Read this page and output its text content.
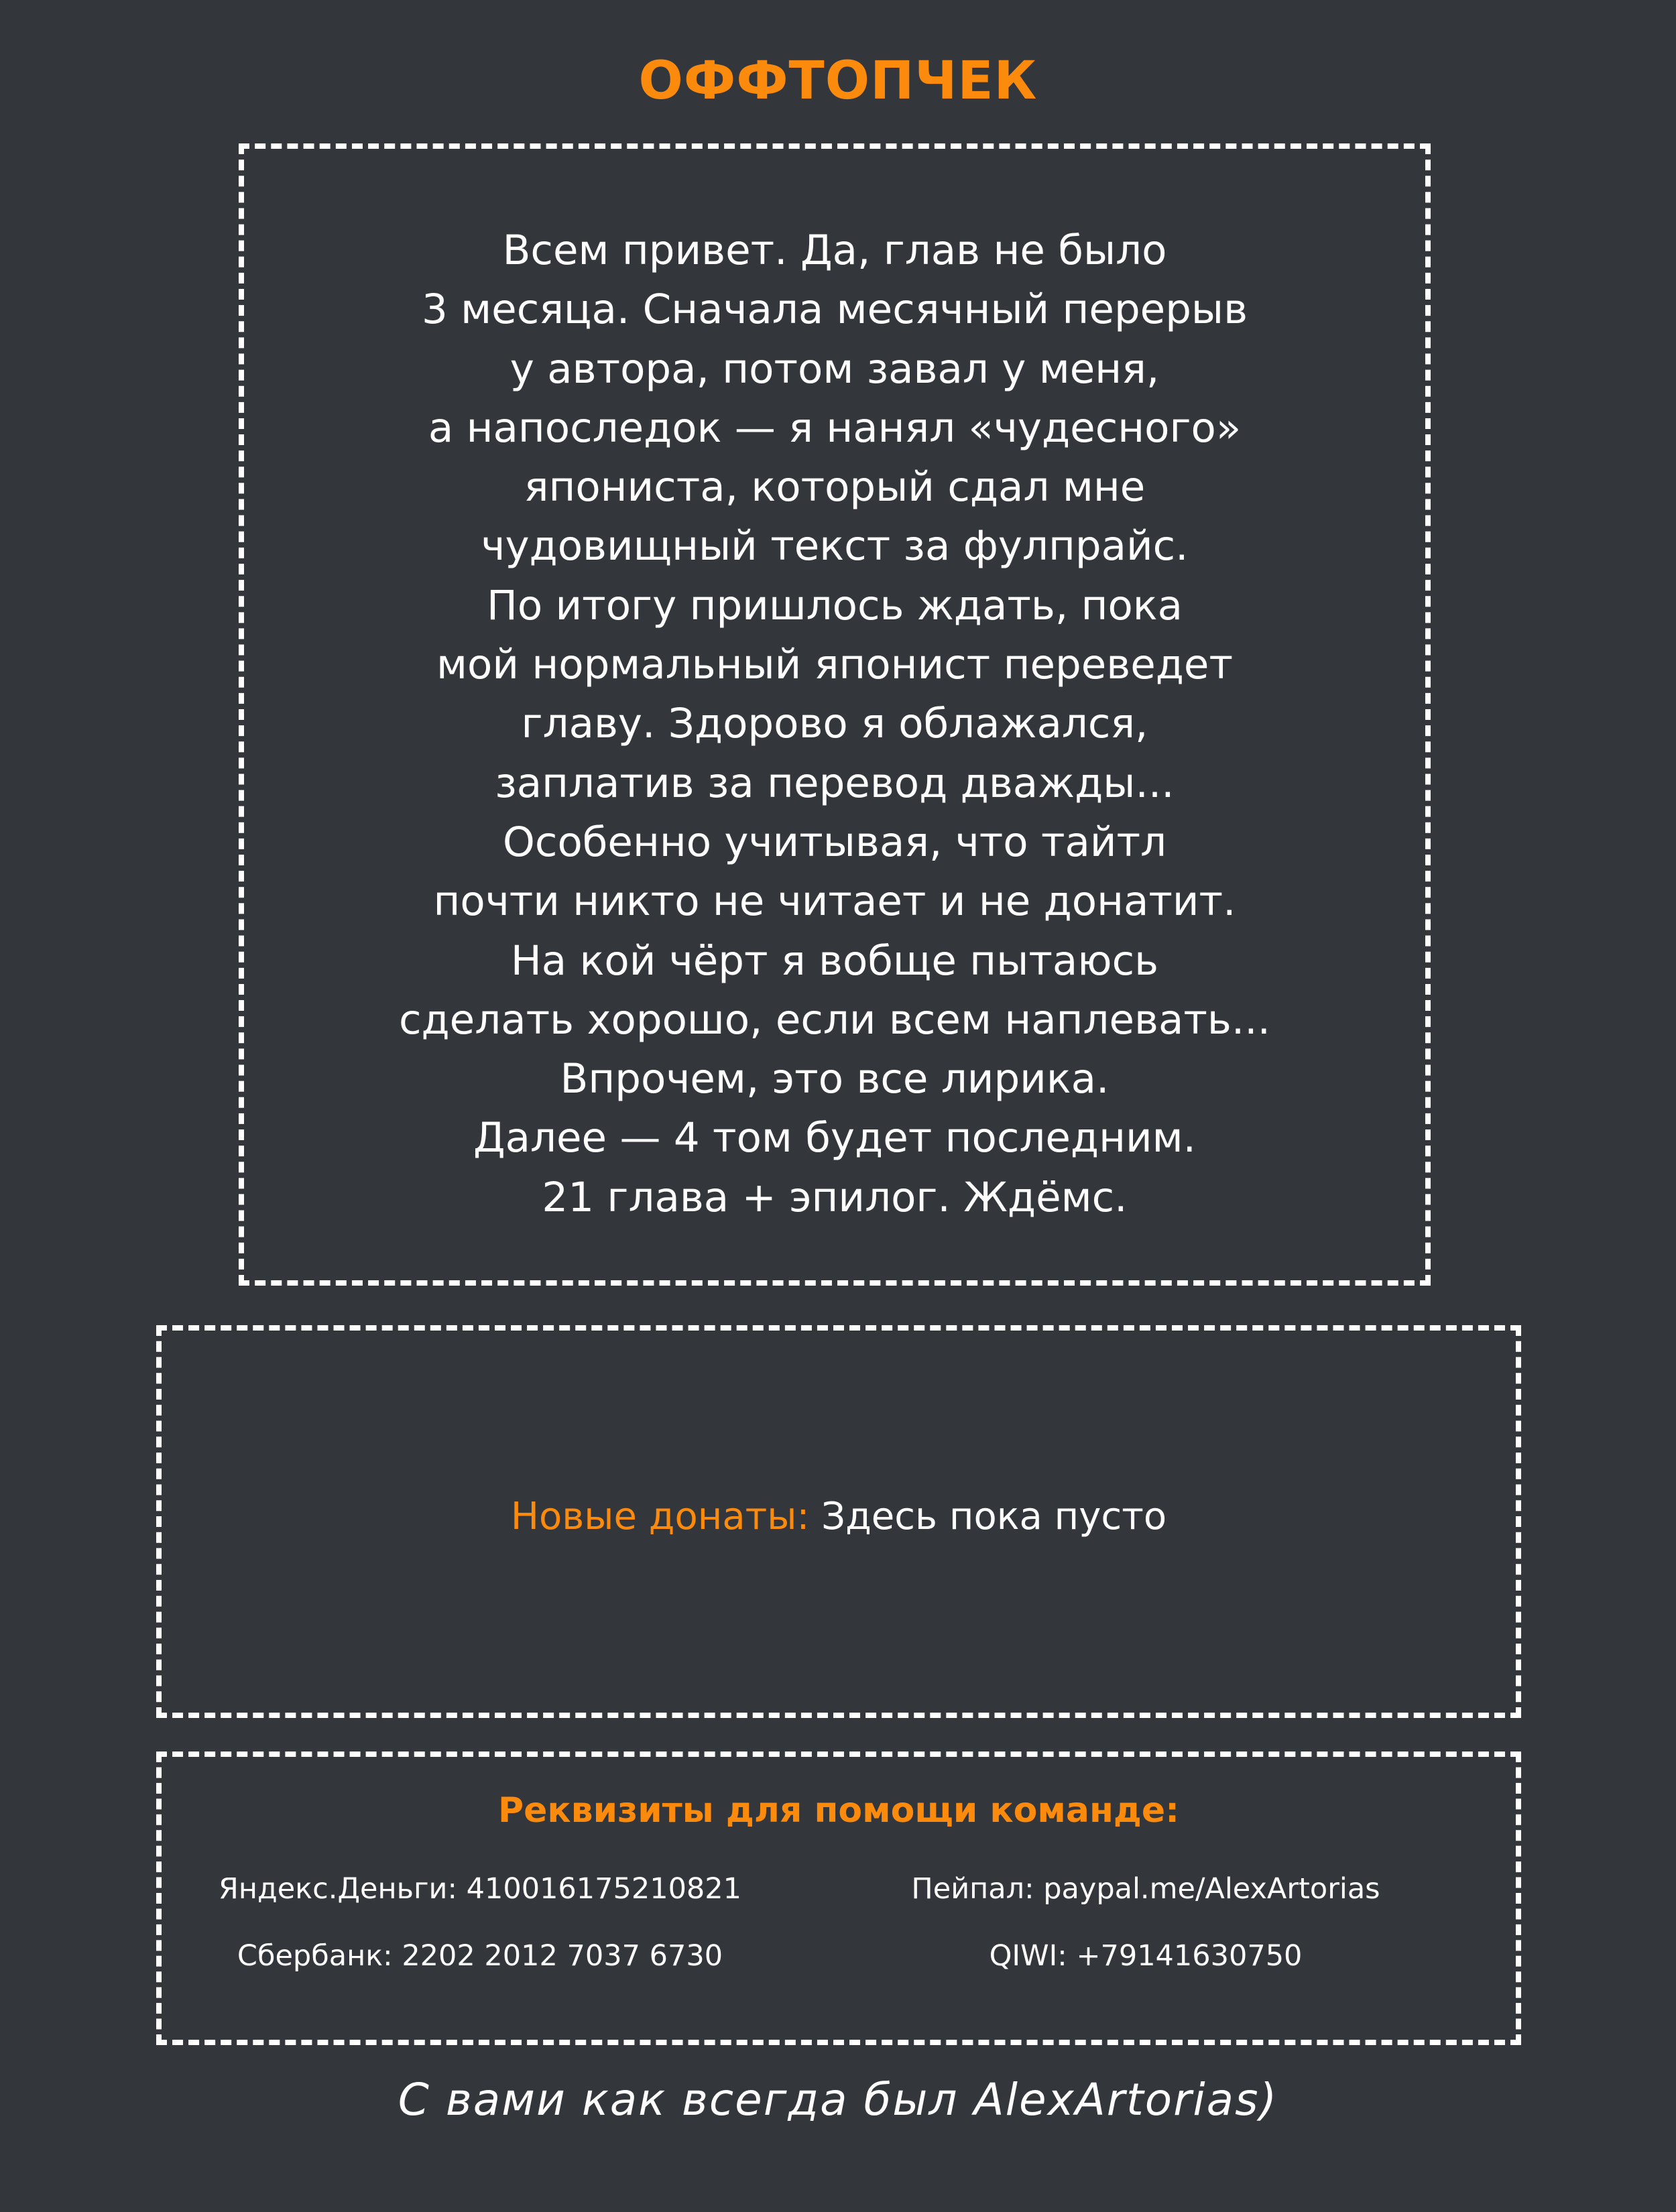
ОФФТОПЧЕК
Всем привет. Да, глав не было
3 месяца. Сначала месячный перерыв
у автора, потом завал у меня,
а напоследок — я нанял «чудесного»
япониста, который сдал мне
чудовищный текст за фулпрайс.
По итогу пришлось ждать, пока
мой нормальный японист переведет
главу. Здорово я облажался,
заплатив за перевод дважды...
Особенно учитывая, что тайтл
почти никто не читает и не донатит.
На кой чёрт я вобще пытаюсь
сделать хорошо, если всем наплевать...
Впрочем, это все лирика.
Далее — 4 том будет последним.
21 глава + эпилог. Ждёмс.
Новые донаты: Здесь пока пусто
Реквизиты для помощи команде:
Яндекс.Деньги: 410016175210821	Пейпал: paypal.me/AlexArtorias
Сбербанк: 2202 2012 7037 6730	QIWI: +79141630750
С вами как всегда был AlexArtorias)
